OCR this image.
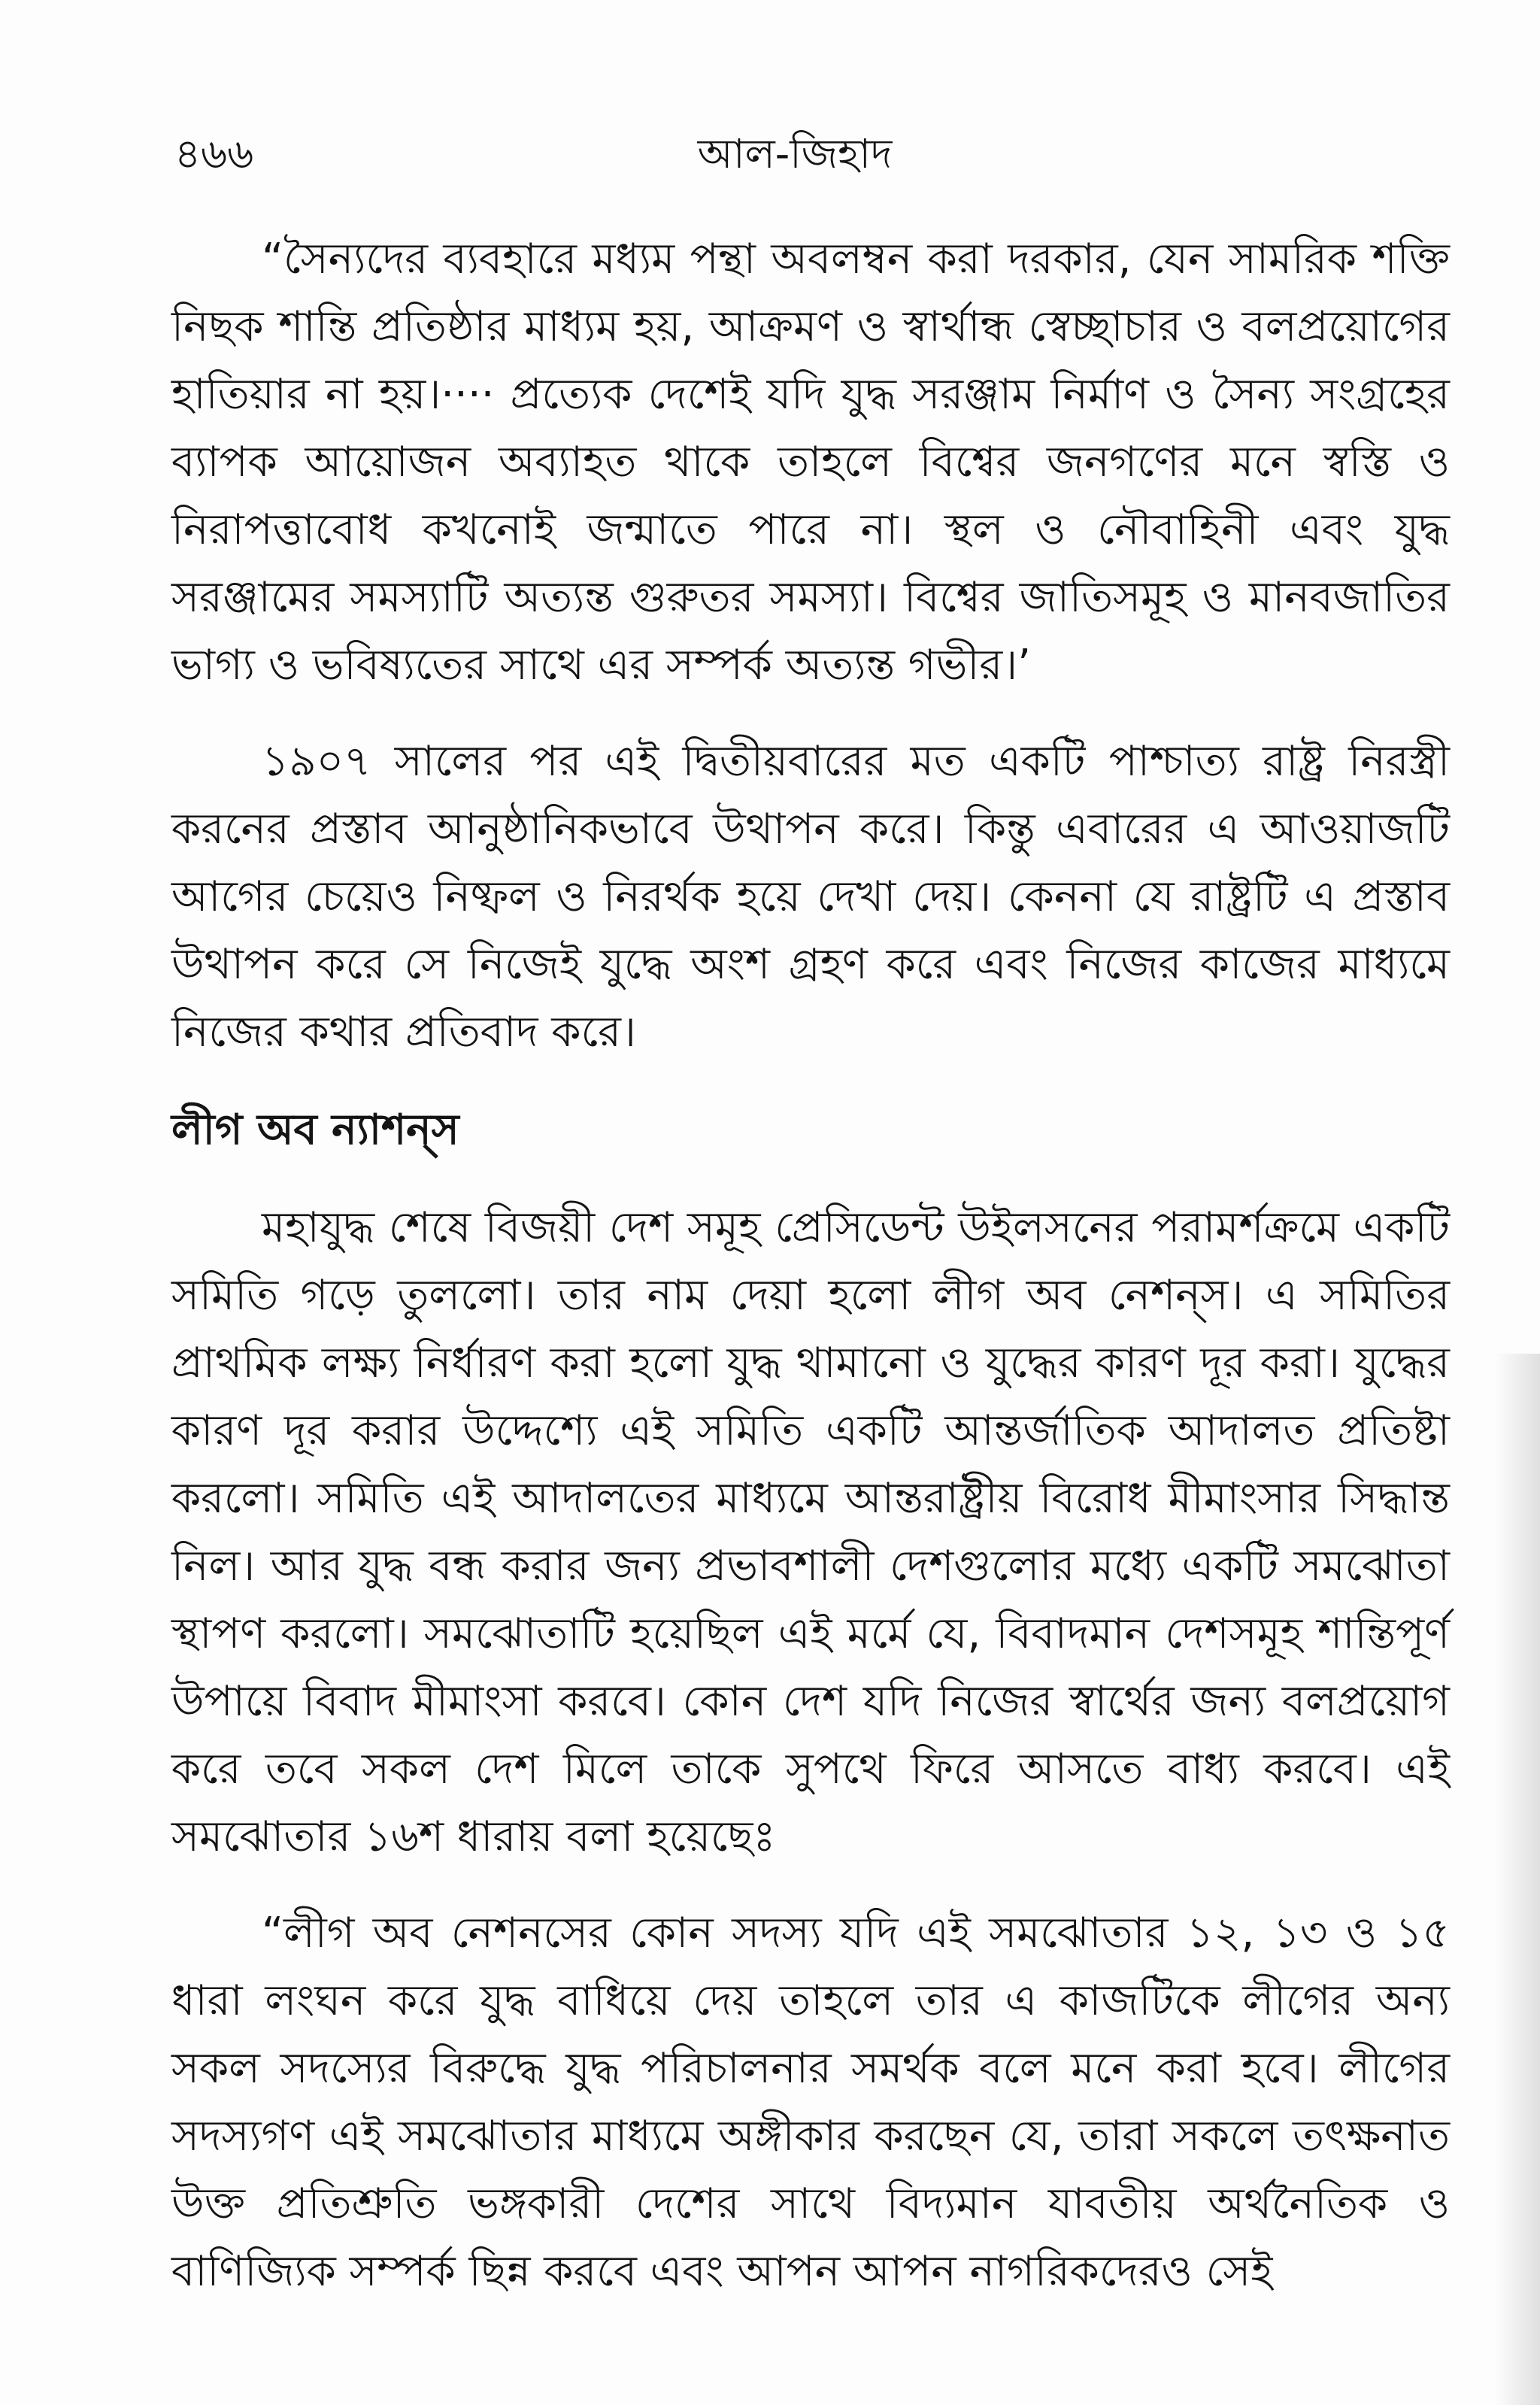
৪৬৬	আল-জিহাদ

“সৈন্যদের ব্যবহারে মধ্যম পন্থা অবলম্বন করা দরকার, যেন সামরিক শক্তি নিছক শান্তি প্রতিষ্ঠার মাধ্যম হয়, আক্রমণ ও স্বার্থান্ধ স্বেচ্ছাচার ও বলপ্রয়োগের হাতিয়ার না হয়।···· প্রত্যেক দেশেই যদি যুদ্ধ সরঞ্জাম নির্মাণ ও সৈন্য সংগ্রহের ব্যাপক আয়োজন অব্যাহত থাকে তাহলে বিশ্বের জনগণের মনে স্বস্তি ও নিরাপত্তাবোধ কখনোই জন্মাতে পারে না। স্থল ও নৌবাহিনী এবং যুদ্ধ সরঞ্জামের সমস্যাটি অত্যন্ত গুরুতর সমস্যা। বিশ্বের জাতিসমূহ ও মানবজাতির ভাগ্য ও ভবিষ্যতের সাথে এর সম্পর্ক অত্যন্ত গভীর।’

১৯০৭ সালের পর এই দ্বিতীয়বারের মত একটি পাশ্চাত্য রাষ্ট্র নিরস্ত্রী করনের প্রস্তাব আনুষ্ঠানিকভাবে উথাপন করে। কিন্তু এবারের এ আওয়াজটি আগের চেয়েও নিষ্ফল ও নিরর্থক হয়ে দেখা দেয়। কেননা যে রাষ্ট্রটি এ প্রস্তাব উথাপন করে সে নিজেই যুদ্ধে অংশ গ্রহণ করে এবং নিজের কাজের মাধ্যমে নিজের কথার প্রতিবাদ করে।

লীগ অব ন্যাশন্‌স

মহাযুদ্ধ শেষে বিজয়ী দেশ সমূহ প্রেসিডেন্ট উইলসনের পরামর্শক্রমে একটি সমিতি গড়ে তুললো। তার নাম দেয়া হলো লীগ অব নেশন্‌স। এ সমিতির প্রাথমিক লক্ষ্য নির্ধারণ করা হলো যুদ্ধ থামানো ও যুদ্ধের কারণ দূর করা। যুদ্ধের কারণ দূর করার উদ্দেশ্যে এই সমিতি একটি আন্তর্জাতিক আদালত প্রতিষ্টা করলো। সমিতি এই আদালতের মাধ্যমে আন্তরাষ্ট্রীয় বিরোধ মীমাংসার সিদ্ধান্ত নিল। আর যুদ্ধ বন্ধ করার জন্য প্রভাবশালী দেশগুলোর মধ্যে একটি সমঝোতা স্থাপণ করলো। সমঝোতাটি হয়েছিল এই মর্মে যে, বিবাদমান দেশসমূহ শান্তিপূর্ণ উপায়ে বিবাদ মীমাংসা করবে। কোন দেশ যদি নিজের স্বার্থের জন্য বলপ্রয়োগ করে তবে সকল দেশ মিলে তাকে সুপথে ফিরে আসতে বাধ্য করবে। এই সমঝোতার ১৬শ ধারায় বলা হয়েছেঃ

“লীগ অব নেশনসের কোন সদস্য যদি এই সমঝোতার ১২, ১৩ ও ১৫ ধারা লংঘন করে যুদ্ধ বাধিয়ে দেয় তাহলে তার এ কাজটিকে লীগের অন্য সকল সদস্যের বিরুদ্ধে যুদ্ধ পরিচালনার সমর্থক বলে মনে করা হবে। লীগের সদস্যগণ এই সমঝোতার মাধ্যমে অঙ্গীকার করছেন যে, তারা সকলে তৎক্ষনাত উক্ত প্রতিশ্রুতি ভঙ্গকারী দেশের সাথে বিদ্যমান যাবতীয় অর্থনৈতিক ও বাণিজ্যিক সম্পর্ক ছিন্ন করবে এবং আপন আপন নাগরিকদেরও সেই
